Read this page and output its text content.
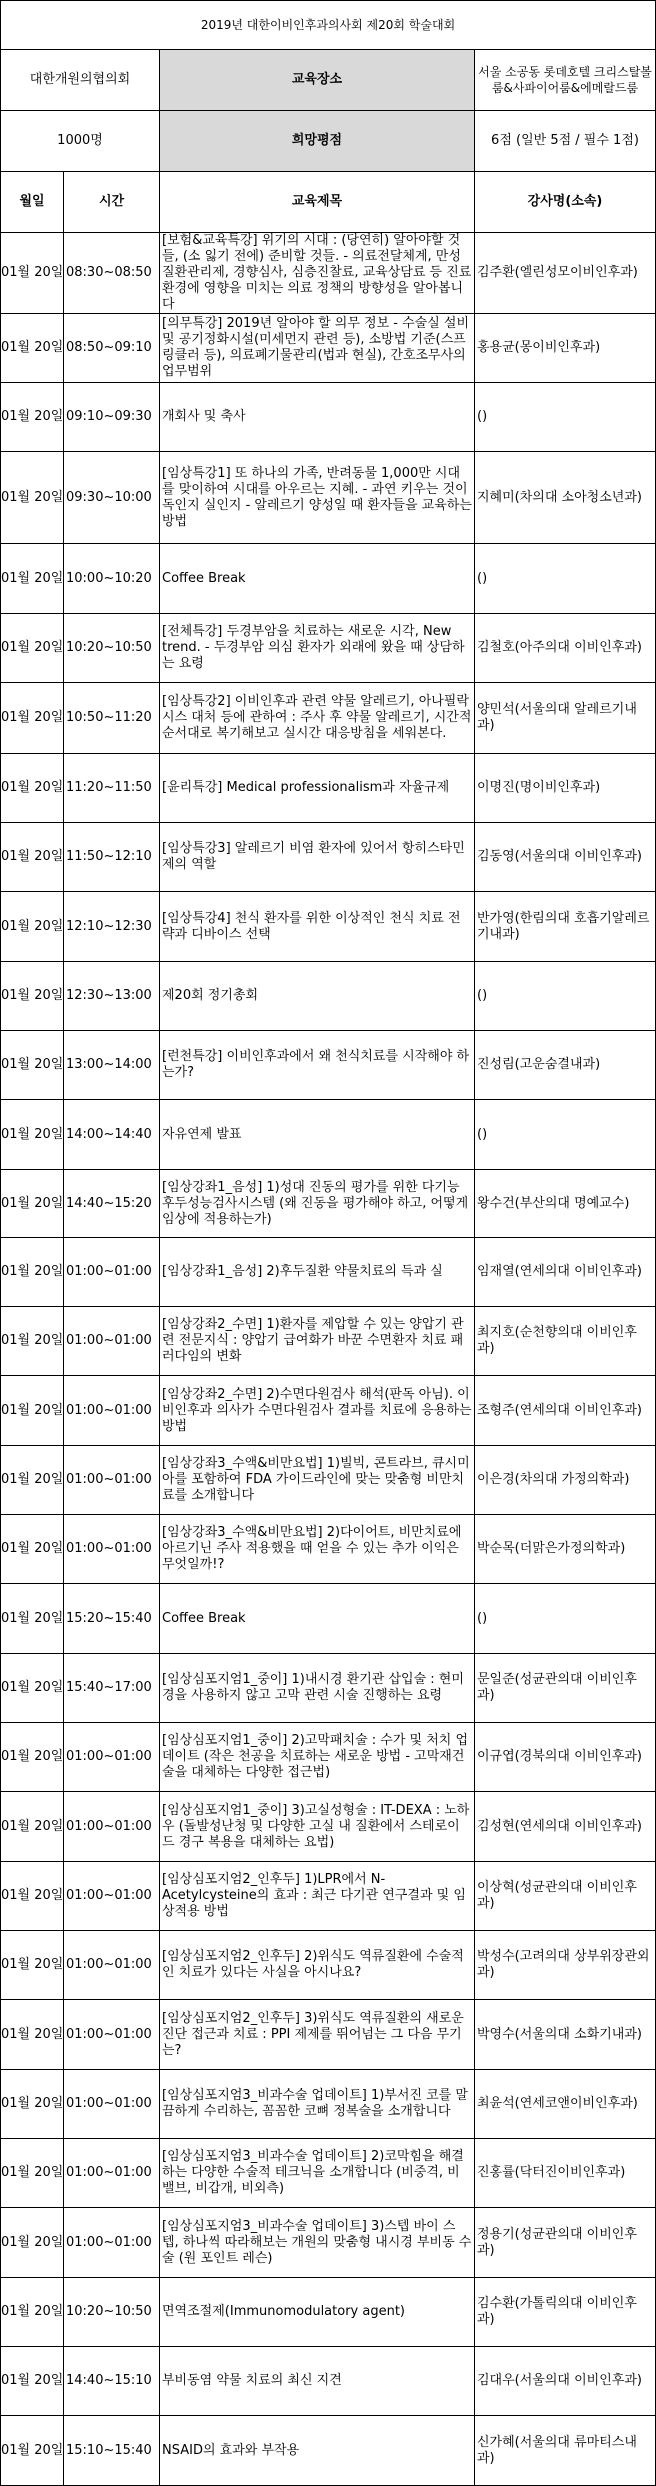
2019년 대한이비인후과의사회 제20회 학술대회			
대한개원의협의회		교육장소	서울 소공동 롯데호텔 크리스탈볼룸&사파이어룸&에메랄드룸
1000명		희망평점	6점 (일반 5점 / 필수 1점)
월일	시간	교육제목	강사명(소속)
01월 20일	08:30~08:50	[보험&교육특강] 위기의 시대 : (당연히) 알아야할 것들, (소 잃기 전에) 준비할 것들. - 의료전달체계, 만성질환관리제, 경향심사, 심층진찰료, 교육상담료 등 진료 환경에 영향을 미치는 의료 정책의 방향성을 알아봅니다	김주환(엘린성모이비인후과)
01월 20일	08:50~09:10	[의무특강] 2019년 알아야 할 의무 정보 - 수술실 설비 및 공기정화시설(미세먼지 관련 등), 소방법 기준(스프링클러 등), 의료폐기물관리(법과 현실), 간호조무사의 업무범위	홍용균(몽이비인후과)
01월 20일	09:10~09:30	개회사 및 축사	()
01월 20일	09:30~10:00	[임상특강1] 또 하나의 가족, 반려동물 1,000만 시대를 맞이하여 시대를 아우르는 지혜. - 과연 키우는 것이 독인지 실인지 - 알레르기 양성일 때 환자들을 교육하는 방법	지혜미(차의대 소아청소년과)
01월 20일	10:00~10:20	Coffee Break	()
01월 20일	10:20~10:50	[전체특강] 두경부암을 치료하는 새로운 시각, New trend. - 두경부암 의심 환자가 외래에 왔을 때 상담하는 요령	김철호(아주의대 이비인후과)
01월 20일	10:50~11:20	[임상특강2] 이비인후과 관련 약물 알레르기, 아나필락시스 대처 등에 관하여 : 주사 후 약물 알레르기, 시간적 순서대로 복기해보고 실시간 대응방침을 세워본다.	양민석(서울의대 알레르기내과)
01월 20일	11:20~11:50	[윤리특강] Medical professionalism과 자율규제	이명진(명이비인후과)
01월 20일	11:50~12:10	[임상특강3] 알레르기 비염 환자에 있어서 항히스타민제의 역할	김동영(서울의대 이비인후과)
01월 20일	12:10~12:30	[임상특강4] 천식 환자를 위한 이상적인 천식 치료 전략과 디바이스 선택	반가영(한림의대 호흡기알레르기내과)
01월 20일	12:30~13:00	제20회 정기총회	()
01월 20일	13:00~14:00	[런천특강] 이비인후과에서 왜 천식치료를 시작해야 하는가?	진성림(고운숨결내과)
01월 20일	14:00~14:40	자유연제 발표	()
01월 20일	14:40~15:20	[임상강좌1_음성] 1)성대 진동의 평가를 위한 다기능 후두성능검사시스템 (왜 진동을 평가해야 하고, 어떻게 임상에 적용하는가)	왕수건(부산의대 명예교수)
01월 20일	01:00~01:00	[임상강좌1_음성] 2)후두질환 약물치료의 득과 실	임재열(연세의대 이비인후과)
01월 20일	01:00~01:00	[임상강좌2_수면] 1)환자를 제압할 수 있는 양압기 관련 전문지식 : 양압기 급여화가 바꾼 수면환자 치료 패러다임의 변화	최지호(순천향의대 이비인후과)
01월 20일	01:00~01:00	[임상강좌2_수면] 2)수면다원검사 해석(판독 아님). 이비인후과 의사가 수면다원검사 결과를 치료에 응용하는 방법	조형주(연세의대 이비인후과)
01월 20일	01:00~01:00	[임상강좌3_수액&비만요법] 1)빌빅, 콘트라브, 큐시미아를 포함하여 FDA 가이드라인에 맞는 맞춤형 비만치료를 소개합니다	이은경(차의대 가정의학과)
01월 20일	01:00~01:00	[임상강좌3_수액&비만요법] 2)다이어트, 비만치료에 아르기닌 주사 적용했을 때 얻을 수 있는 추가 이익은 무엇일까!?	박순목(더맑은가정의학과)
01월 20일	15:20~15:40	Coffee Break	()
01월 20일	15:40~17:00	[임상심포지엄1_중이] 1)내시경 환기관 삽입술 : 현미경을 사용하지 않고 고막 관련 시술 진행하는 요령	문일준(성균관의대 이비인후과)
01월 20일	01:00~01:00	[임상심포지엄1_중이] 2)고막패치술 : 수가 및 처치 업데이트 (작은 천공을 치료하는 새로운 방법 - 고막재건술을 대체하는 다양한 접근법)	이규엽(경북의대 이비인후과)
01월 20일	01:00~01:00	[임상심포지엄1_중이] 3)고실성형술 : IT-DEXA : 노하우 (돌발성난청 및 다양한 고실 내 질환에서 스테로이드 경구 복용을 대체하는 요법)	김성현(연세의대 이비인후과)
01월 20일	01:00~01:00	[임상심포지엄2_인후두] 1)LPR에서 N-Acetylcysteine의 효과 : 최근 다기관 연구결과 및 임상적용 방법	이상혁(성균관의대 이비인후과)
01월 20일	01:00~01:00	[임상심포지엄2_인후두] 2)위식도 역류질환에 수술적인 치료가 있다는 사실을 아시나요?	박성수(고려의대 상부위장관외과)
01월 20일	01:00~01:00	[임상심포지엄2_인후두] 3)위식도 역류질환의 새로운 진단 접근과 치료 : PPI 제제를 뛰어넘는 그 다음 무기는?	박영수(서울의대 소화기내과)
01월 20일	01:00~01:00	[임상심포지엄3_비과수술 업데이트] 1)부서진 코를 말끔하게 수리하는, 꼼꼼한 코뼈 정복술을 소개합니다	최윤석(연세코앤이비인후과)
01월 20일	01:00~01:00	[임상심포지엄3_비과수술 업데이트] 2)코막힘을 해결하는 다양한 수술적 테크닉을 소개합니다 (비중격, 비밸브, 비갑개, 비외측)	진홍률(닥터진이비인후과)
01월 20일	01:00~01:00	[임상심포지엄3_비과수술 업데이트] 3)스텝 바이 스텝, 하나씩 따라해보는 개원의 맞춤형 내시경 부비동 수술 (원 포인트 레슨)	정용기(성균관의대 이비인후과)
01월 20일	10:20~10:50	면역조절제(Immunomodulatory agent)	김수환(가톨릭의대 이비인후과)
01월 20일	14:40~15:10	부비동염 약물 치료의 최신 지견	김대우(서울의대 이비인후과)
01월 20일	15:10~15:40	NSAID의 효과와 부작용	신가혜(서울의대 류마티스내과)
